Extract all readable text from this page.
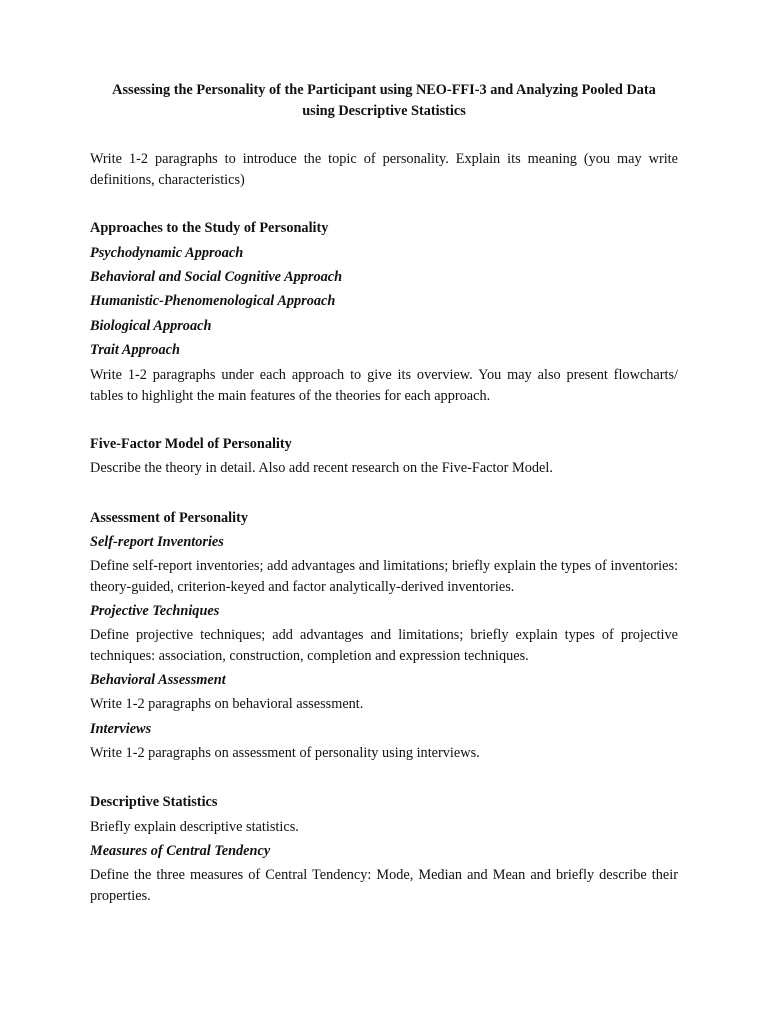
Assessing the Personality of the Participant using NEO-FFI-3 and Analyzing Pooled Data
using Descriptive Statistics

Write 1-2 paragraphs to introduce the topic of personality. Explain its meaning (you may write definitions, characteristics)

Approaches to the Study of Personality
Psychodynamic Approach
Behavioral and Social Cognitive Approach
Humanistic-Phenomenological Approach
Biological Approach
Trait Approach

Write 1-2 paragraphs under each approach to give its overview. You may also present flowcharts/ tables to highlight the main features of the theories for each approach.

Five-Factor Model of Personality

Describe the theory in detail. Also add recent research on the Five-Factor Model.

Assessment of Personality
Self-report Inventories

Define self-report inventories; add advantages and limitations; briefly explain the types of inventories: theory-guided, criterion-keyed and factor analytically-derived inventories.

Projective Techniques

Define projective techniques; add advantages and limitations; briefly explain types of projective techniques: association, construction, completion and expression techniques.

Behavioral Assessment

Write 1-2 paragraphs on behavioral assessment.

Interviews

Write 1-2 paragraphs on assessment of personality using interviews.

Descriptive Statistics

Briefly explain descriptive statistics.

Measures of Central Tendency

Define the three measures of Central Tendency: Mode, Median and Mean and briefly describe their properties.
